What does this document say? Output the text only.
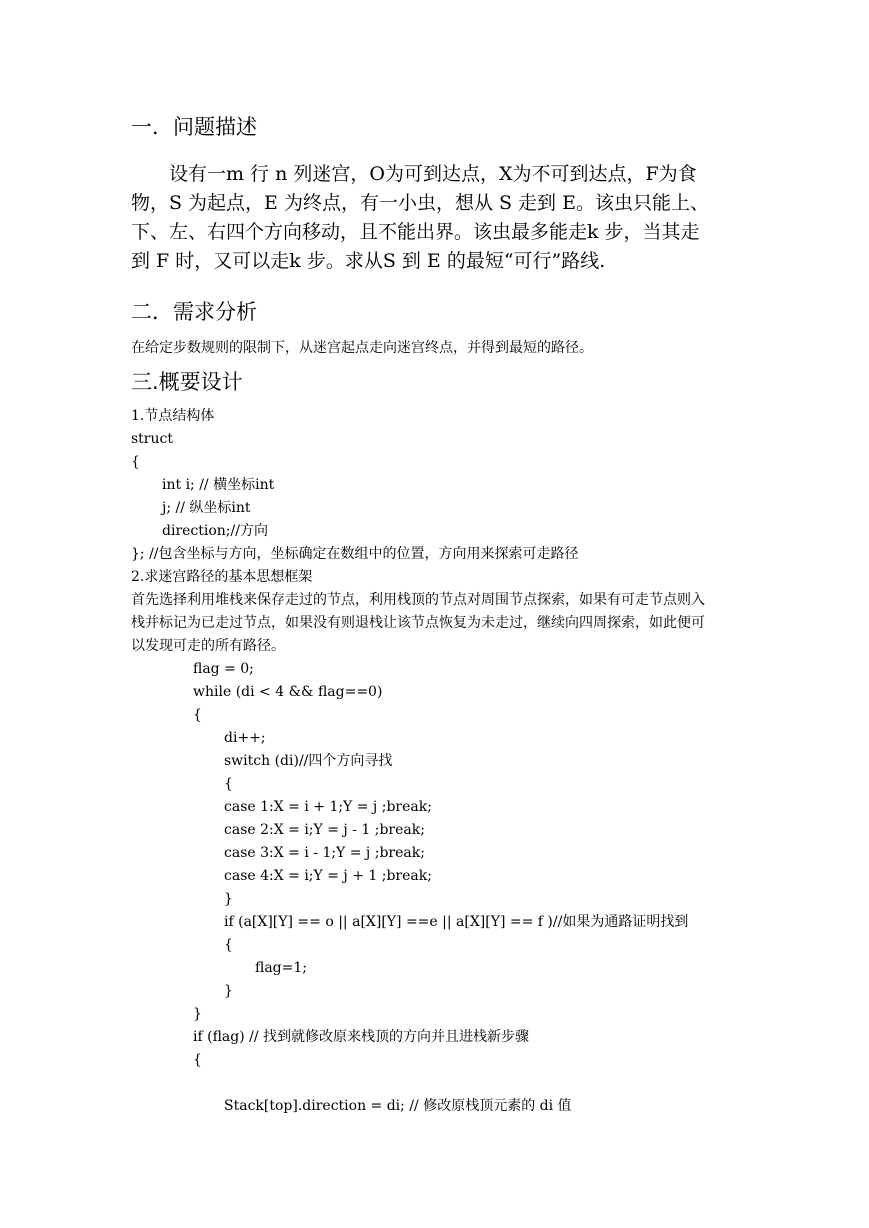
一．问题描述
　　设有一m 行 n 列迷宫，O为可到达点，X为不可到达点，F为食
物，S 为起点，E 为终点，有一小虫，想从 S 走到 E。该虫只能上、
下、左、右四个方向移动，且不能出界。该虫最多能走k 步，当其走
到 F 时，又可以走k 步。求从S 到 E 的最短“可行”路线.
二．需求分析
在给定步数规则的限制下，从迷宫起点走向迷宫终点，并得到最短的路径。
三.概要设计
1.节点结构体
struct
{
int i; // 横坐标int
j; // 纵坐标int
direction;//方向
}; //包含坐标与方向，坐标确定在数组中的位置，方向用来探索可走路径
2.求迷宫路径的基本思想框架
首先选择利用堆栈来保存走过的节点，利用栈顶的节点对周围节点探索，如果有可走节点则入
栈并标记为已走过节点，如果没有则退栈让该节点恢复为未走过，继续向四周探索，如此便可
以发现可走的所有路径。
flag = 0;
while (di < 4 && flag==0)
{
di++;
switch (di)//四个方向寻找
{
case 1:X = i + 1;Y = j ;break;
case 2:X = i;Y = j - 1 ;break;
case 3:X = i - 1;Y = j ;break;
case 4:X = i;Y = j + 1 ;break;
}
if (a[X][Y] == o || a[X][Y] ==e || a[X][Y] == f )//如果为通路证明找到
{
flag=1;
}
}
if (flag) // 找到就修改原来栈顶的方向并且进栈新步骤
{
Stack[top].direction = di; // 修改原栈顶元素的 di 值
